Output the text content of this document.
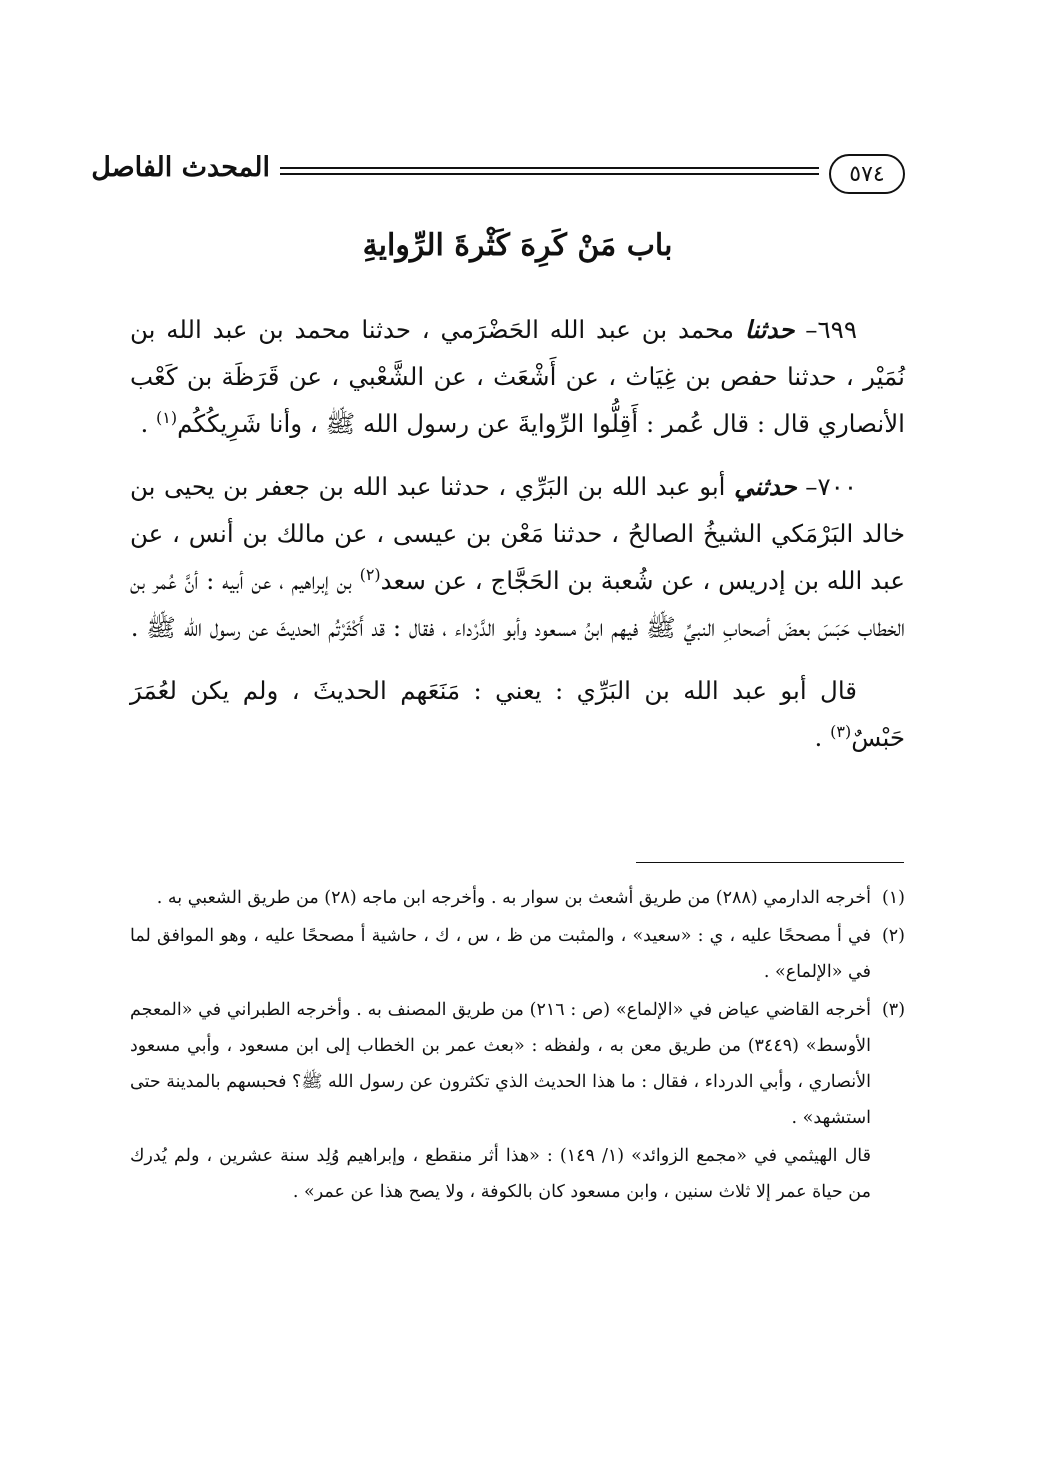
٥٧٤
المحدث الفاصل
باب مَنْ كَرِهَ كَثْرةَ الرِّوايةِ

٦٩٩– حدثنا محمد بن عبد الله الحَضْرَمي ، حدثنا محمد بن عبد الله بن نُمَيْر ، حدثنا حفص بن غِيَاث ، عن أَشْعَث ، عن الشَّعْبي ، عن قَرَظَة بن كَعْب الأنصاري قال : قال عُمر : أَقِلُّوا الرِّوايةَ عن رسول الله ﷺ ، وأنا شَرِيكُكُم$^{(١)}$ .

٧٠٠– حدثني أبو عبد الله بن البَرِّي ، حدثنا عبد الله بن جعفر بن يحيى بن خالد البَرْمَكي الشيخُ الصالحُ ، حدثنا مَعْن بن عيسى ، عن مالك بن أنس ، عن عبد الله بن إدريس ، عن شُعبة بن الحَجَّاج ، عن سعد$^{(٢)}$ بن إبراهيم ، عن أبيه : أنَّ عُمر بن الخطاب حَبَسَ بعضَ أصحابِ النبيِّ ﷺ فيهم ابنُ مسعود وأبو الدَّرْداء ، فقال : قد أَكْثَرْتُم الحديثَ عن رسول الله ﷺ .

قال أبو عبد الله بن البَرِّي : يعني : مَنَعَهم الحديثَ ، ولم يكن لعُمَرَ حَبْسٌ$^{(٣)}$ .

(١)أخرجه الدارمي (٢٨٨) من طريق أشعث بن سوار به . وأخرجه ابن ماجه (٢٨) من طريق الشعبي به .

(٢)في أ مصححًا عليه ، ي : «سعيد» ، والمثبت من ظ ، س ، ك ، حاشية أ مصححًا عليه ، وهو الموافق لما في «الإلماع» .

(٣)أخرجه القاضي عياض في «الإلماع» (ص : ٢١٦) من طريق المصنف به . وأخرجه الطبراني في «المعجم الأوسط» (٣٤٤٩) من طريق معن به ، ولفظه : «بعث عمر بن الخطاب إلى ابن مسعود ، وأبي مسعود الأنصاري ، وأبي الدرداء ، فقال : ما هذا الحديث الذي تكثرون عن رسول الله ﷺ؟ فحبسهم بالمدينة حتى استشهد» .

قال الهيثمي في «مجمع الزوائد» (١/ ١٤٩) : «هذا أثر منقطع ، وإبراهيم وُلِد سنة عشرين ، ولم يُدرك من حياة عمر إلا ثلاث سنين ، وابن مسعود كان بالكوفة ، ولا يصح هذا عن عمر» .
